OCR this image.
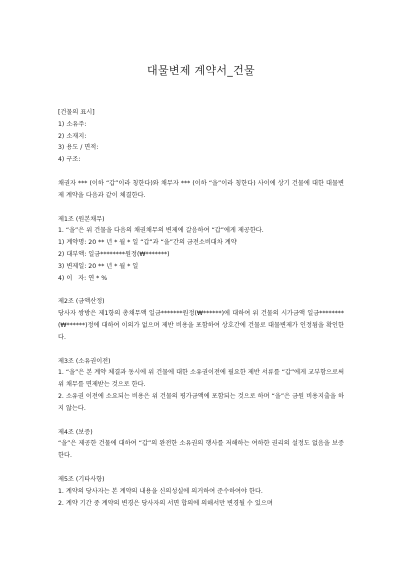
대물변제 계약서_건물

[건물의 표시]

1) 소유주:

2) 소재지:

3) 용도 / 면적:

4) 구조:

채권자 *** (이하 “갑”이라 칭한다)와 채무자 *** (이하 “을”이라 칭한다) 사이에 상기 건물에 대한 대물변제 계약을 다음과 같이 체결한다.

제1조 (원본채무)

1. “을”은 위 건물을 다음의 채권채무의 변제에 갈음하여 “갑”에게 제공한다.

1) 계약명: 20 ** 년 * 월 * 일 “갑”과 “을”간의 금전소비대차 계약

2) 대부액: 일금********원정(₩*******)

3) 변제일: 20 ** 년 * 월 * 일

4) 이   자: 연 * %

제2조 (금액산정)

당사자 쌍방은 제1항의 총채무액 일금*******원정(₩******)에 대하여 위 건물의 시가금액 일금********(₩******)정에 대하여 이의가 없으며 제반 비용을 포함하여 상호간에 건물로 대물변제가 인정됨을 확인한다.

제3조 (소유권이전)

1. “을”은 본 계약 체결과 동시에 위 건물에 대한 소유권이전에 필요한 제반 서류를 “갑”에게 교부함으로써 위 채무를 면제받는 것으로 한다.

2. 소유권 이전에 소요되는 비용은 위 건물의 평가금액에 포함되는 것으로 하며 “을”은 금원 비용지출을 하지 않는다.

제4조 (보증)

“을”은 제공한 건물에 대하여 “갑”의 완전한 소유권의 행사를 저해하는 여하한 권리의 설정도 없음을 보증한다.

제5조 (기타사항)

1. 계약의 당사자는 본 계약의 내용을 신의성실에 의거하여 준수하여야 한다.

2. 계약 기간 중 계약의 변경은 당사자의 서면 합의에 의해서만 변경될 수 있으며
